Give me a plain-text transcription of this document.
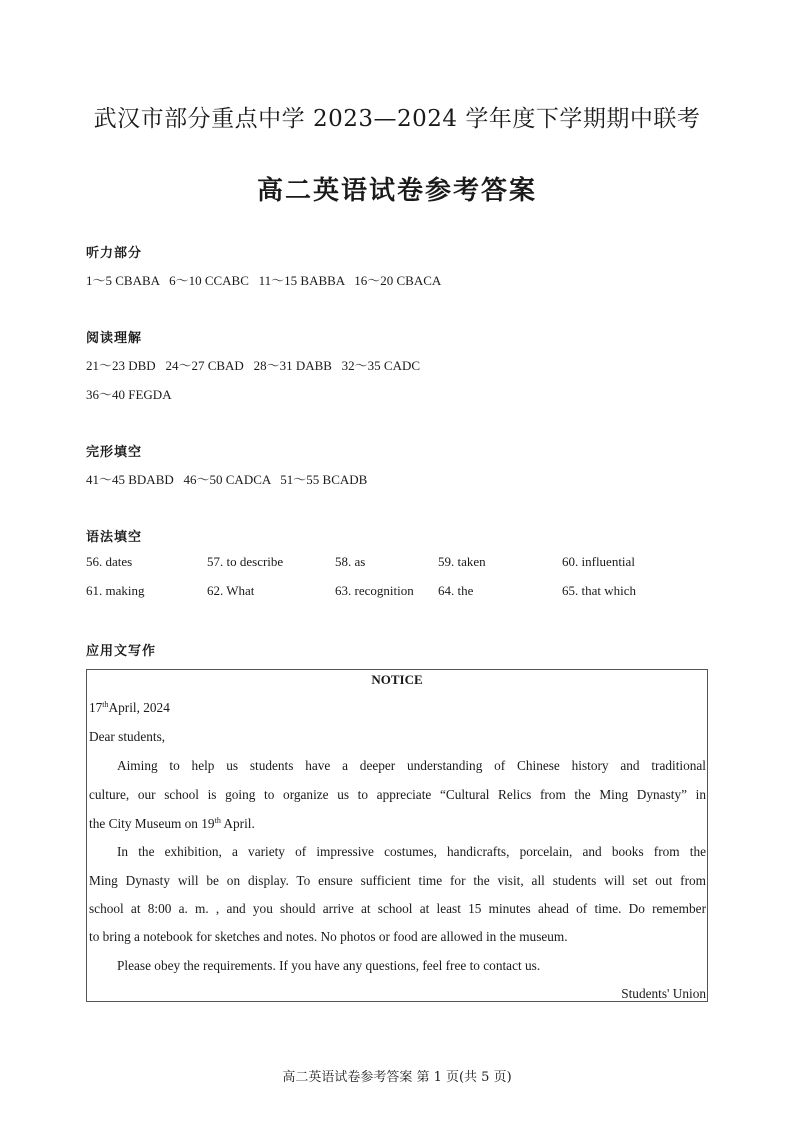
武汉市部分重点中学 2023—2024 学年度下学期期中联考
高二英语试卷参考答案
听力部分
1～5 CBABA   6～10 CCABC   11～15 BABBA   16～20 CBACA
阅读理解
21～23 DBD   24～27 CBAD   28～31 DABB   32～35 CADC
36～40 FEGDA
完形填空
41～45 BDABD   46～50 CADCA   51～55 BCADB
语法填空
56. dates	57. to describe	58. as	59. taken	60. influential
61. making	62. What	63. recognition 64. the	65. that which
应用文写作
NOTICE
17thApril, 2024
Dear students,
Aiming to help us students have a deeper understanding of Chinese history and traditional
culture, our school is going to organize us to appreciate “Cultural Relics from the Ming Dynasty” in
the City Museum on 19th April.
In the exhibition, a variety of impressive costumes, handicrafts, porcelain, and books from the
Ming Dynasty will be on display. To ensure sufficient time for the visit, all students will set out from
school at 8:00 a. m. , and you should arrive at school at least 15 minutes ahead of time. Do remember
to bring a notebook for sketches and notes. No photos or food are allowed in the museum.
Please obey the requirements. If you have any questions, feel free to contact us.
Students' Union
高二英语试卷参考答案 第 1 页(共 5 页)
